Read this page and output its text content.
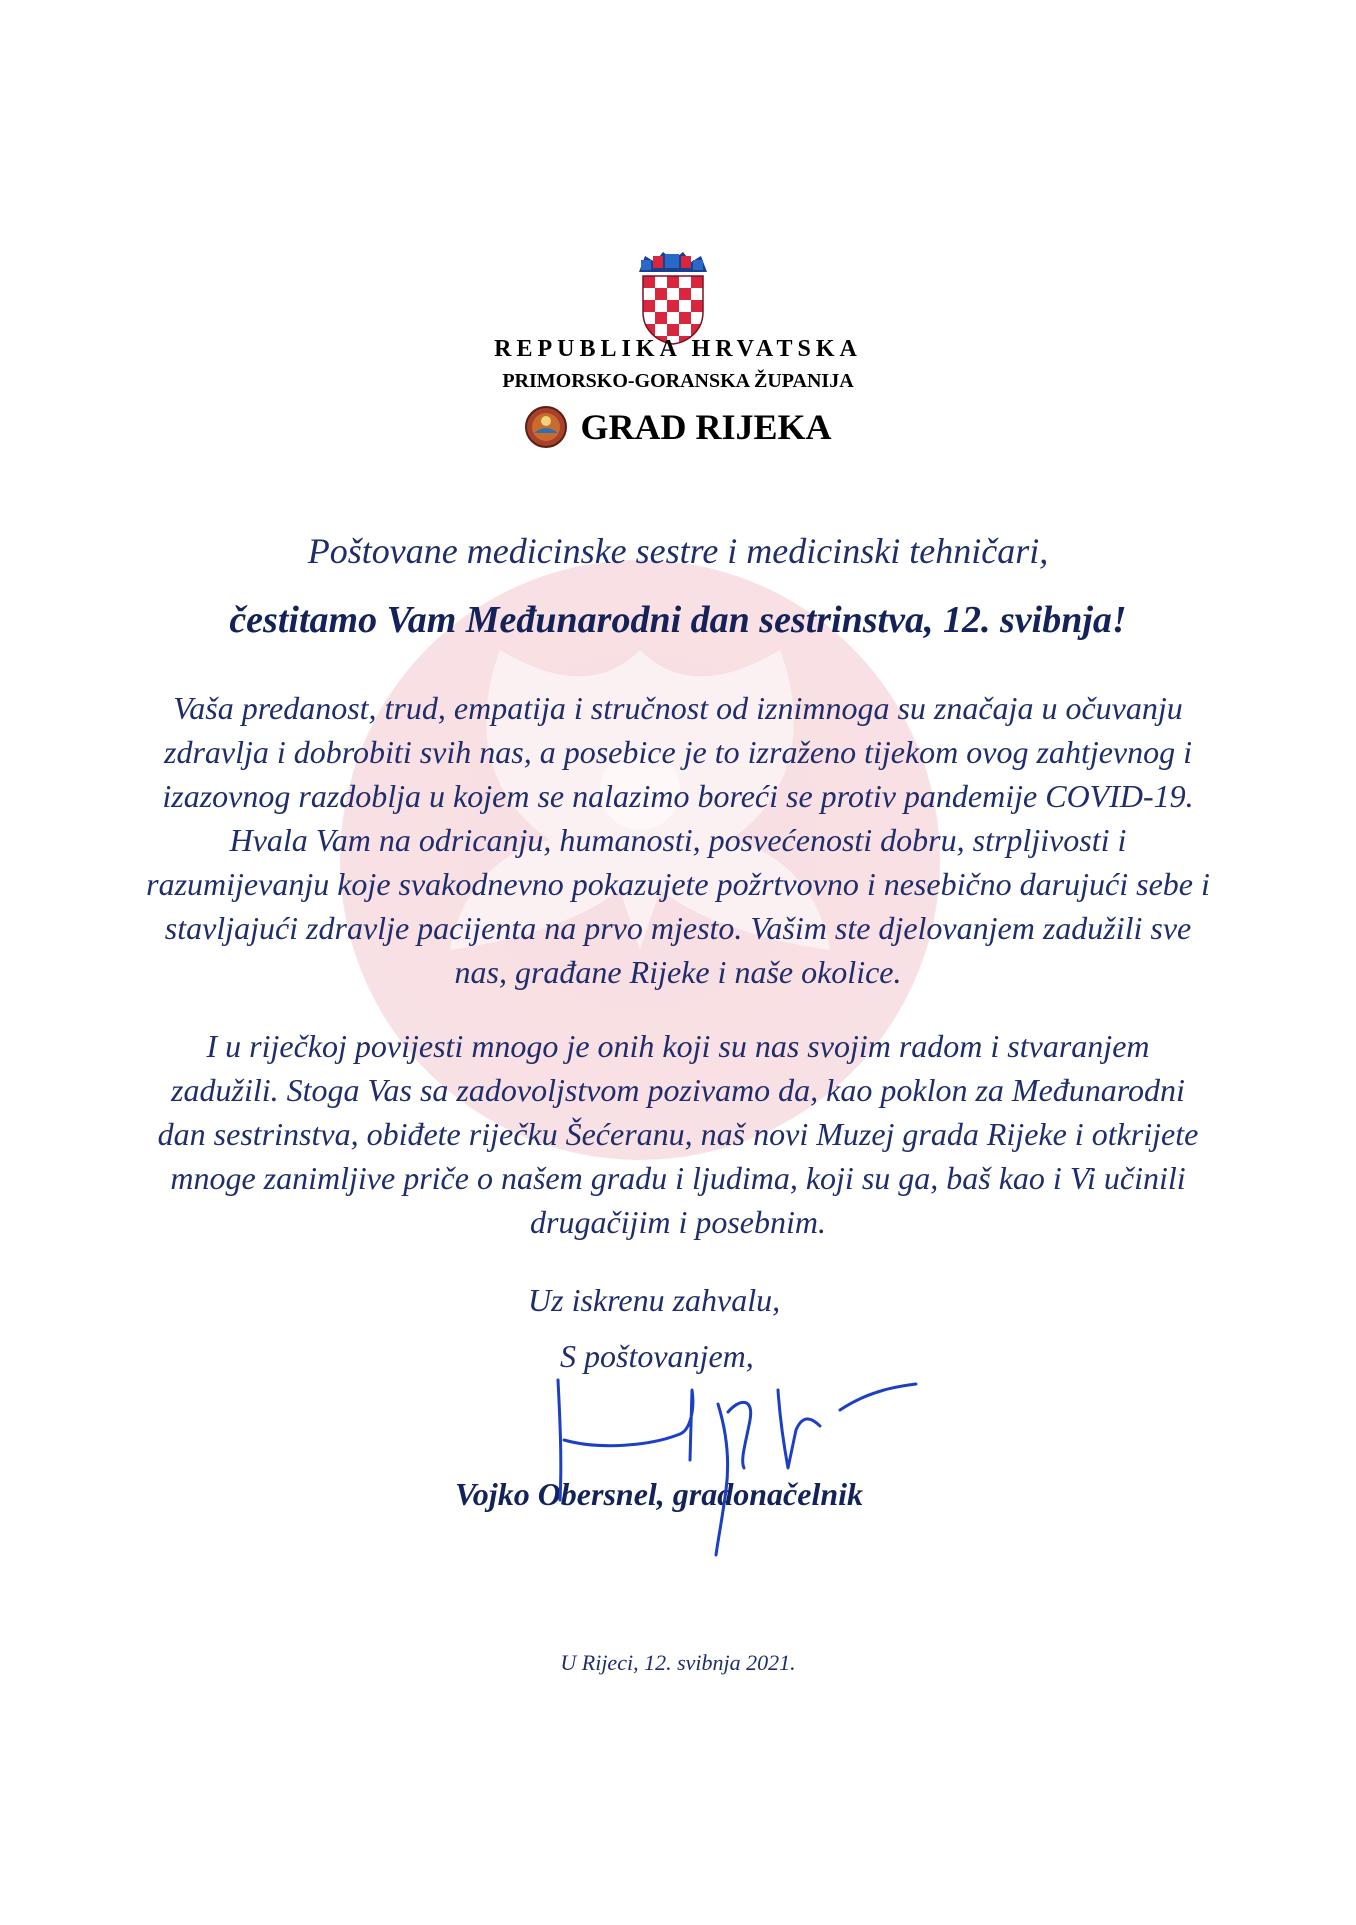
REPUBLIKA HRVATSKA
PRIMORSKO-GORANSKA ŽUPANIJA
GRAD RIJEKA
Poštovane medicinske sestre i medicinski tehničari,
čestitamo Vam Međunarodni dan sestrinstva, 12. svibnja!
Vaša predanost, trud, empatija i stručnost od iznimnoga su značaja u očuvanju
zdravlja i dobrobiti svih nas, a posebice je to izraženo tijekom ovog zahtjevnog i
izazovnog razdoblja u kojem se nalazimo boreći se protiv pandemije COVID-19.
Hvala Vam na odricanju, humanosti, posvećenosti dobru, strpljivosti i
razumijevanju koje svakodnevno pokazujete požrtvovno i nesebično darujući sebe i
stavljajući zdravlje pacijenta na prvo mjesto. Vašim ste djelovanjem zadužili sve
nas, građane Rijeke i naše okolice.
I u riječkoj povijesti mnogo je onih koji su nas svojim radom i stvaranjem
zadužili. Stoga Vas sa zadovoljstvom pozivamo da, kao poklon za Međunarodni
dan sestrinstva, obiđete riječku Šećeranu, naš novi Muzej grada Rijeke i otkrijete
mnoge zanimljive priče o našem gradu i ljudima, koji su ga, baš kao i Vi učinili
drugačijim i posebnim.
Uz iskrenu zahvalu,
S poštovanjem,
Vojko Obersnel, gradonačelnik
U Rijeci, 12. svibnja 2021.
